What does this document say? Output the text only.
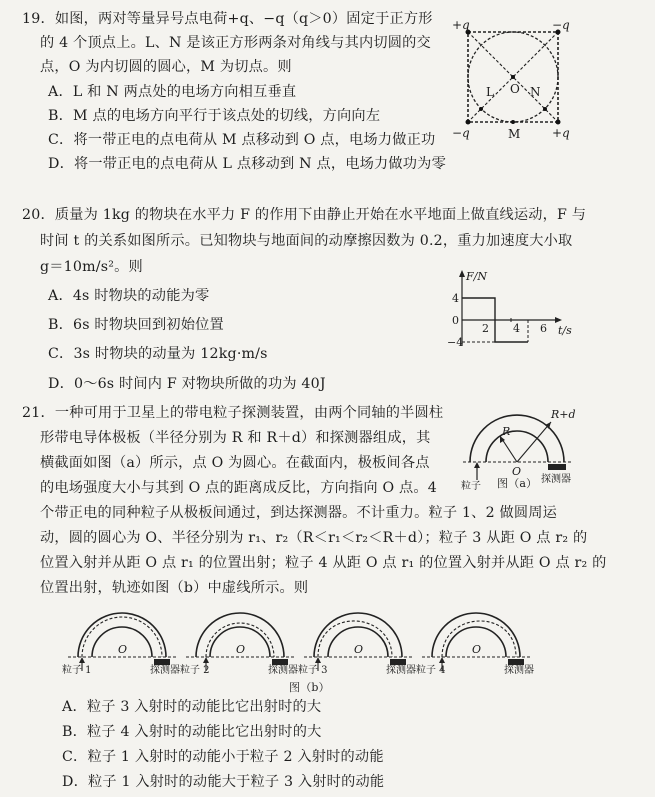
19．如图，两对等量异号点电荷+q、−q（q＞0）固定于正方形
的 4 个顶点上。L、N 是该正方形两条对角线与其内切圆的交
点，O 为内切圆的圆心，M 为切点。则
A．L 和 N 两点处的电场方向相互垂直
B．M 点的电场方向平行于该点处的切线，方向向左
C．将一带正电的点电荷从 M 点移动到 O 点，电场力做正功
D．将一带正电的点电荷从 L 点移动到 N 点，电场力做功为零
+q	−q
−q	+q
L O N
M
20．质量为 1kg 的物块在水平力 F 的作用下由静止开始在水平地面上做直线运动，F 与
时间 t 的关系如图所示。已知物块与地面间的动摩擦因数为 0.2，重力加速度大小取
g＝10m/s²。则
A．4s 时物块的动能为零
B．6s 时物块回到初始位置
C．3s 时物块的动量为 12kg·m/s
D．0～6s 时间内 F 对物块所做的功为 40J
F/N
t/s
0
4
−4
2 4 6
21．一种可用于卫星上的带电粒子探测装置，由两个同轴的半圆柱
形带电导体极板（半径分别为 R 和 R＋d）和探测器组成，其
横截面如图（a）所示，点 O 为圆心。在截面内，极板间各点
的电场强度大小与其到 O 点的距离成反比，方向指向 O 点。4
个带正电的同种粒子从极板间通过，到达探测器。不计重力。粒子 1、2 做圆周运
动，圆的圆心为 O、半径分别为 r₁、r₂（R＜r₁＜r₂＜R＋d）；粒子 3 从距 O 点 r₂ 的
位置入射并从距 O 点 r₁ 的位置出射；粒子 4 从距 O 点 r₁ 的位置入射并从距 O 点 r₂ 的
位置出射，轨迹如图（b）中虚线所示。则
R
R+d
O
粒子
探测器
图（a）
O
粒子 1	探测器
O
粒子 2	探测器
O
粒子 3	探测器
O
粒子 4	探测器
图（b）
A．粒子 3 入射时的动能比它出射时的大
B．粒子 4 入射时的动能比它出射时的大
C．粒子 1 入射时的动能小于粒子 2 入射时的动能
D．粒子 1 入射时的动能大于粒子 3 入射时的动能
